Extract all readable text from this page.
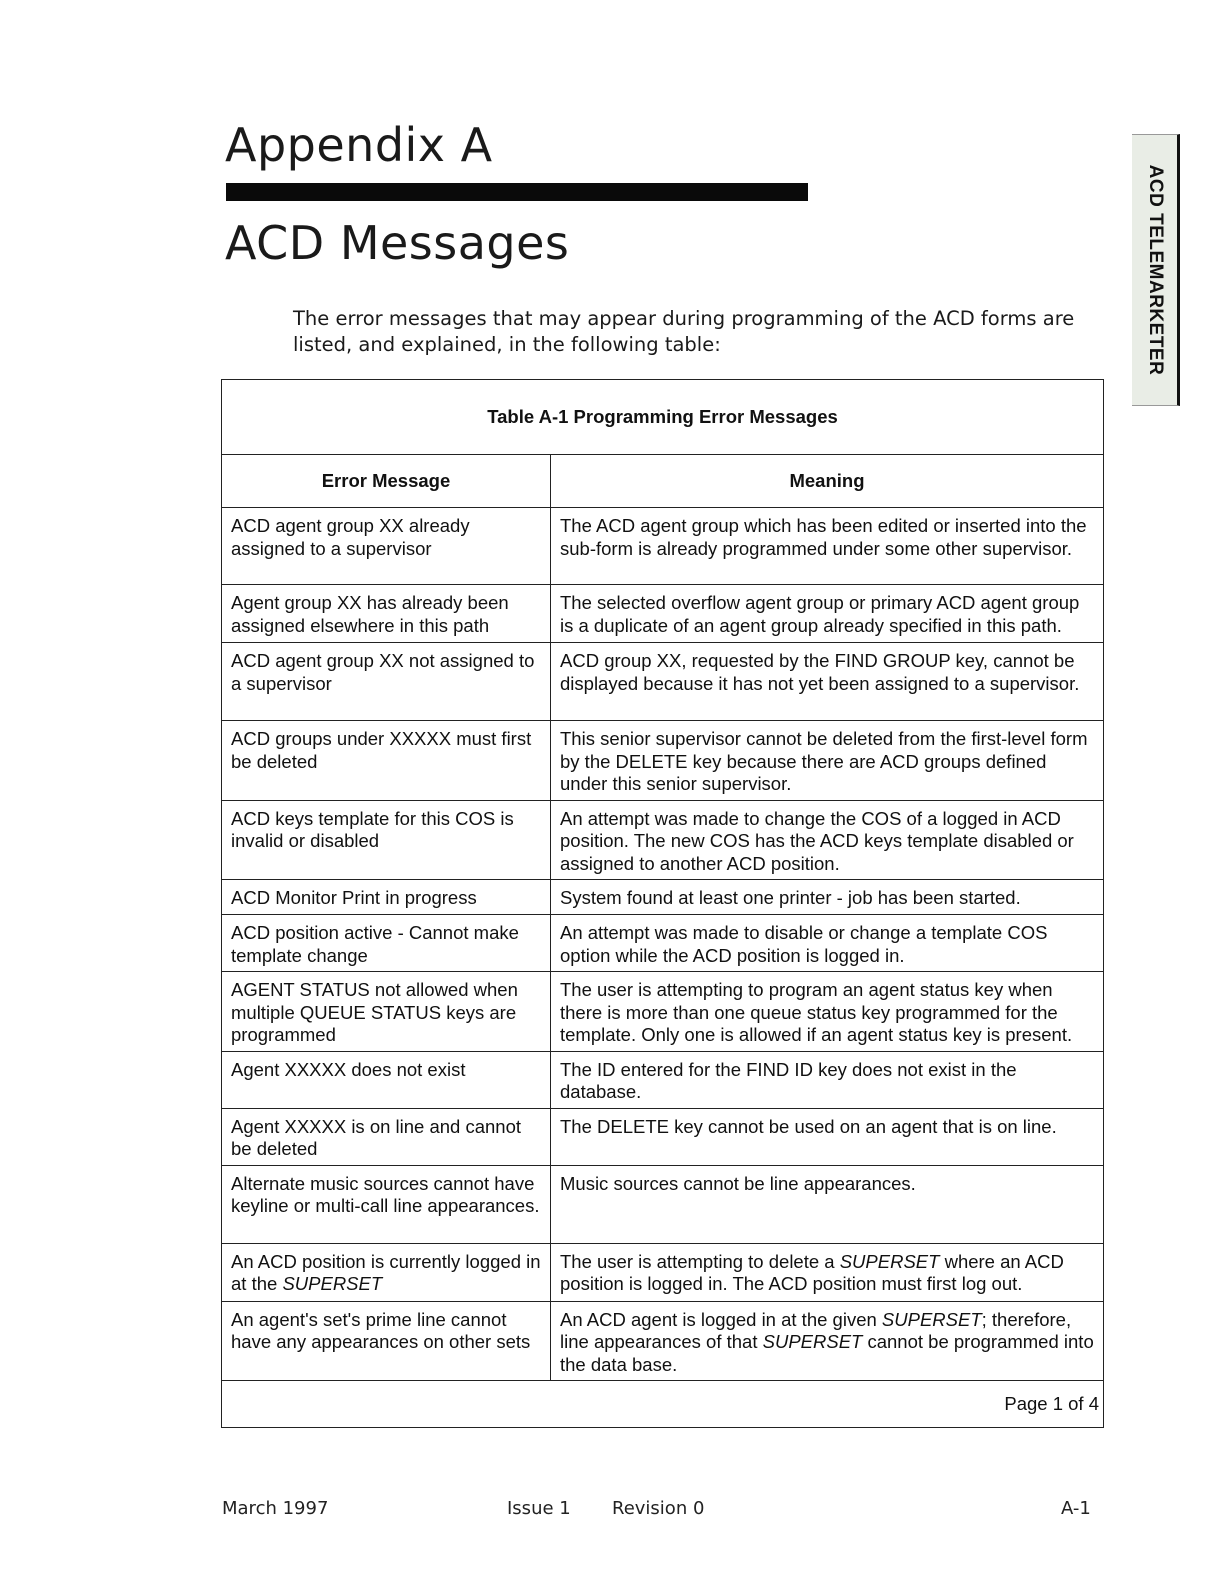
Appendix A
ACD Messages	ACD TELEMARKETER

The error messages that may appear during programming of the ACD forms are listed, and explained, in the following table:

Table A-1 Programming Error Messages	
Error Message	Meaning
ACD agent group XX already assigned to a supervisor	The ACD agent group which has been edited or inserted into the sub-form is already programmed under some other supervisor.
Agent group XX has already been assigned elsewhere in this path	The selected overflow agent group or primary ACD agent group is a duplicate of an agent group already specified in this path.
ACD agent group XX not assigned to a supervisor	ACD group XX, requested by the FIND GROUP key, cannot be displayed because it has not yet been assigned to a supervisor.
ACD groups under XXXXX must first be deleted	This senior supervisor cannot be deleted from the first-level form by the DELETE key because there are ACD groups defined under this senior supervisor.
ACD keys template for this COS is invalid or disabled	An attempt was made to change the COS of a logged in ACD position. The new COS has the ACD keys template disabled or assigned to another ACD position.
ACD Monitor Print in progress	System found at least one printer - job has been started.
ACD position active - Cannot make template change	An attempt was made to disable or change a template COS option while the ACD position is logged in.
AGENT STATUS not allowed when multiple QUEUE STATUS keys are programmed	The user is attempting to program an agent status key when there is more than one queue status key programmed for the template. Only one is allowed if an agent status key is present.
Agent XXXXX does not exist	The ID entered for the FIND ID key does not exist in the database.
Agent XXXXX is on line and cannot be deleted	The DELETE key cannot be used on an agent that is on line.
Alternate music sources cannot have keyline or multi-call line appearances.	Music sources cannot be line appearances.
An ACD position is currently logged in at the SUPERSET	The user is attempting to delete a SUPERSET where an ACD position is logged in. The ACD position must first log out.
An agent's set's prime line cannot have any appearances on other sets	An ACD agent is logged in at the given SUPERSET; therefore, line appearances of that SUPERSET cannot be programmed into the data base.
Page 1 of 4	
March 1997	Issue 1 Revision 0	A-1
